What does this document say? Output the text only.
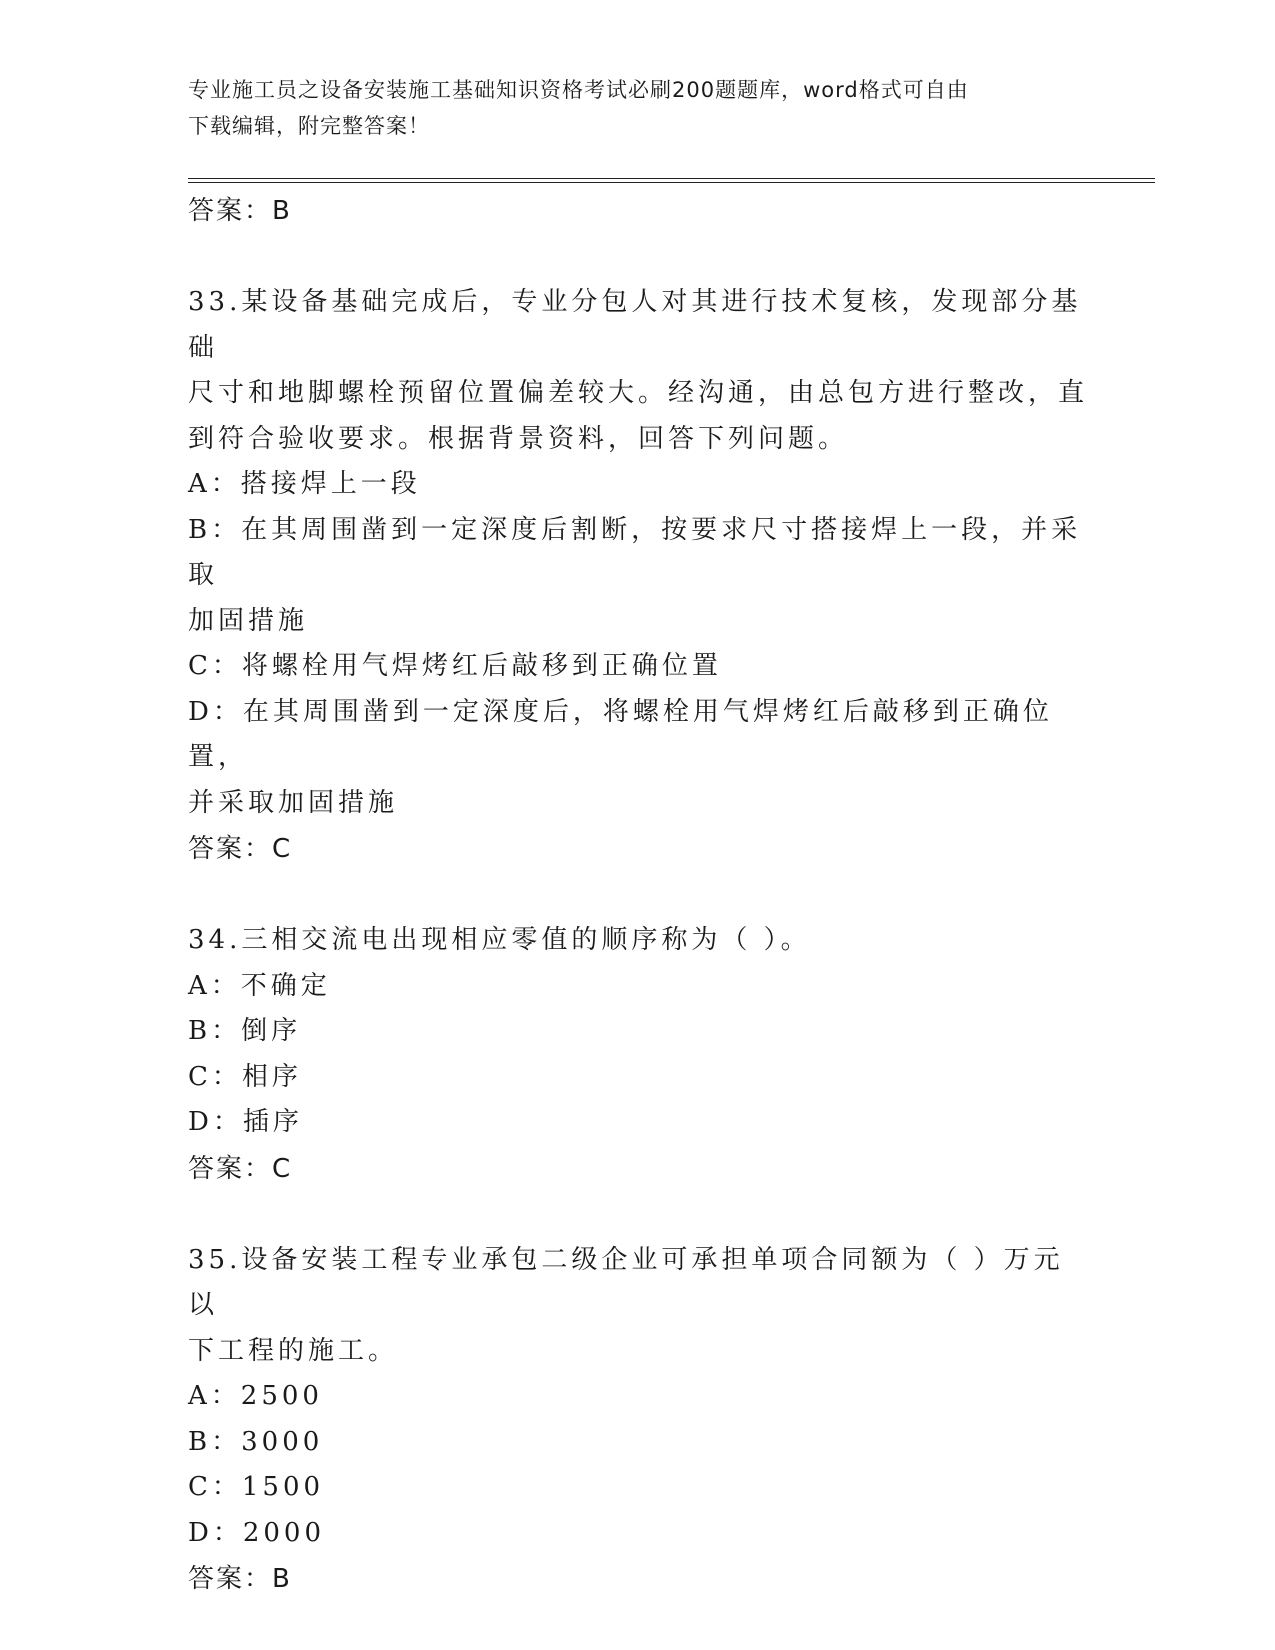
专业施工员之设备安装施工基础知识资格考试必刷200题题库，word格式可自由
下载编辑，附完整答案！
答案：B
33.某设备基础完成后，专业分包人对其进行技术复核，发现部分基础
尺寸和地脚螺栓预留位置偏差较大。经沟通，由总包方进行整改，直
到符合验收要求。根据背景资料，回答下列问题。
A：搭接焊上一段
B：在其周围凿到一定深度后割断，按要求尺寸搭接焊上一段，并采取
加固措施
C：将螺栓用气焊烤红后敲移到正确位置
D：在其周围凿到一定深度后，将螺栓用气焊烤红后敲移到正确位置，
并采取加固措施
答案：C
34.三相交流电出现相应零值的顺序称为（ ）。
A：不确定
B：倒序
C：相序
D：插序
答案：C
35.设备安装工程专业承包二级企业可承担单项合同额为（ ）万元以
下工程的施工。
A：2500
B：3000
C：1500
D：2000
答案：B
